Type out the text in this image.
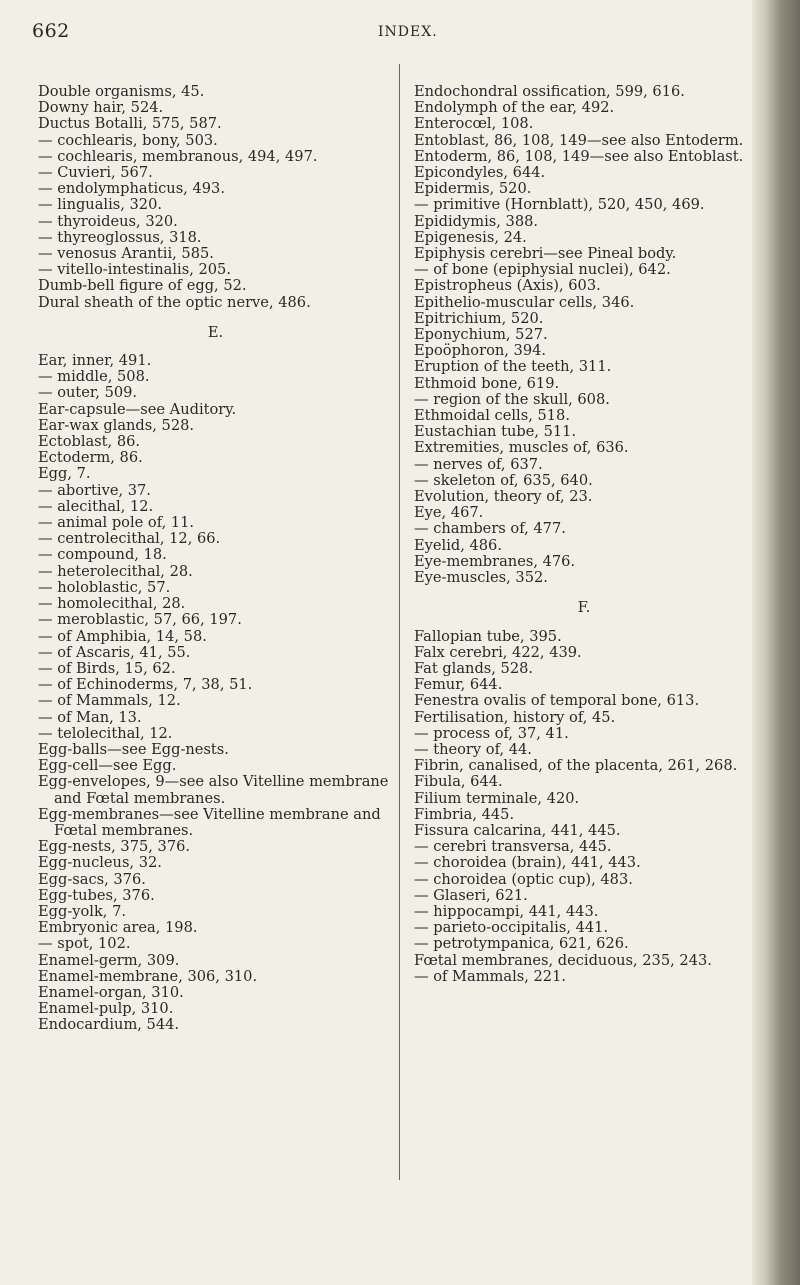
662	INDEX.
Double organisms, 45.
Downy hair, 524.
Ductus Botalli, 575, 587.
— cochlearis, bony, 503.
— cochlearis, membranous, 494, 497.
— Cuvieri, 567.
— endolymphaticus, 493.
— lingualis, 320.
— thyroideus, 320.
— thyreoglossus, 318.
— venosus Arantii, 585.
— vitello-intestinalis, 205.
Dumb-bell figure of egg, 52.
Dural sheath of the optic nerve, 486.
E.
Ear, inner, 491.
— middle, 508.
— outer, 509.
Ear-capsule—see Auditory.
Ear-wax glands, 528.
Ectoblast, 86.
Ectoderm, 86.
Egg, 7.
— abortive, 37.
— alecithal, 12.
— animal pole of, 11.
— centrolecithal, 12, 66.
— compound, 18.
— heterolecithal, 28.
— holoblastic, 57.
— homolecithal, 28.
— meroblastic, 57, 66, 197.
— of Amphibia, 14, 58.
— of Ascaris, 41, 55.
— of Birds, 15, 62.
— of Echinoderms, 7, 38, 51.
— of Mammals, 12.
— of Man, 13.
— telolecithal, 12.
Egg-balls—see Egg-nests.
Egg-cell—see Egg.
Egg-envelopes, 9—see also Vitelline membrane and Fœtal membranes.
Egg-membranes—see Vitelline membrane and Fœtal membranes.
Egg-nests, 375, 376.
Egg-nucleus, 32.
Egg-sacs, 376.
Egg-tubes, 376.
Egg-yolk, 7.
Embryonic area, 198.
— spot, 102.
Enamel-germ, 309.
Enamel-membrane, 306, 310.
Enamel-organ, 310.
Enamel-pulp, 310.
Endocardium, 544.
Endochondral ossification, 599, 616.
Endolymph of the ear, 492.
Enterocœl, 108.
Entoblast, 86, 108, 149—see also Entoderm.
Entoderm, 86, 108, 149—see also Entoblast.
Epicondyles, 644.
Epidermis, 520.
— primitive (Hornblatt), 520, 450, 469.
Epididymis, 388.
Epigenesis, 24.
Epiphysis cerebri—see Pineal body.
— of bone (epiphysial nuclei), 642.
Epistropheus (Axis), 603.
Epithelio-muscular cells, 346.
Epitrichium, 520.
Eponychium, 527.
Epoöphoron, 394.
Eruption of the teeth, 311.
Ethmoid bone, 619.
— region of the skull, 608.
Ethmoidal cells, 518.
Eustachian tube, 511.
Extremities, muscles of, 636.
— nerves of, 637.
— skeleton of, 635, 640.
Evolution, theory of, 23.
Eye, 467.
— chambers of, 477.
Eyelid, 486.
Eye-membranes, 476.
Eye-muscles, 352.
F.
Fallopian tube, 395.
Falx cerebri, 422, 439.
Fat glands, 528.
Femur, 644.
Fenestra ovalis of temporal bone, 613.
Fertilisation, history of, 45.
— process of, 37, 41.
— theory of, 44.
Fibrin, canalised, of the placenta, 261, 268.
Fibula, 644.
Filium terminale, 420.
Fimbria, 445.
Fissura calcarina, 441, 445.
— cerebri transversa, 445.
— choroidea (brain), 441, 443.
— choroidea (optic cup), 483.
— Glaseri, 621.
— hippocampi, 441, 443.
— parieto-occipitalis, 441.
— petrotympanica, 621, 626.
Fœtal membranes, deciduous, 235, 243.
— of Mammals, 221.
